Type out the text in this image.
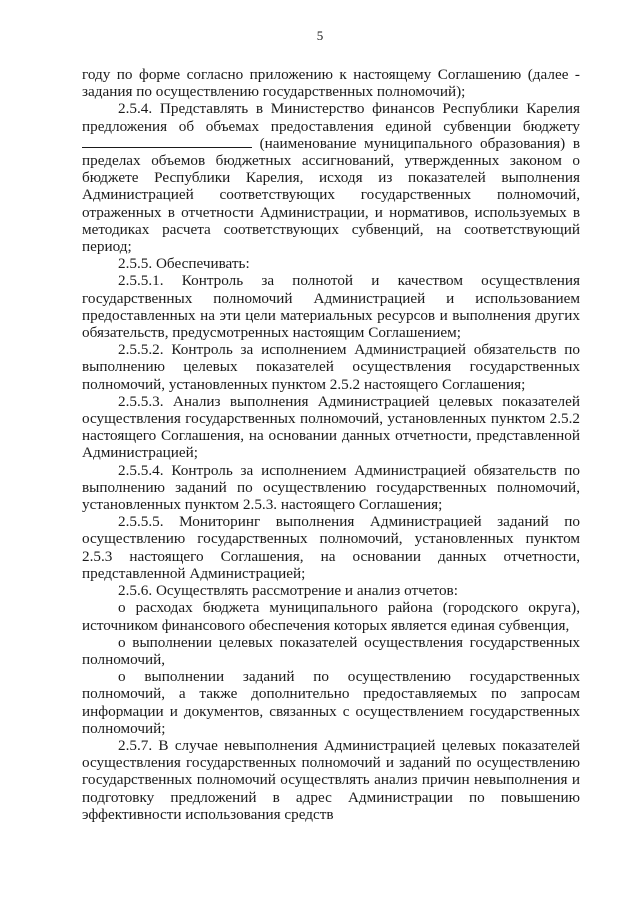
5

году по форме согласно приложению к настоящему Соглашению (далее - задания по осуществлению государственных полномочий);

2.5.4. Представлять в Министерство финансов Республики Карелия предложения об объемах предоставления единой субвенции бюджету  (наименование муниципального образования) в пределах объемов бюджетных ассигнований, утвержденных законом о бюджете Республики Карелия, исходя из показателей выполнения Администрацией соответствующих государственных полномочий, отраженных в отчетности Администрации, и нормативов, используемых в методиках расчета соответствующих субвенций, на соответствующий период;

2.5.5. Обеспечивать:

2.5.5.1. Контроль за полнотой и качеством осуществления государственных полномочий Администрацией и использованием предоставленных на эти цели материальных ресурсов и выполнения других обязательств, предусмотренных настоящим Соглашением;

2.5.5.2. Контроль за исполнением Администрацией обязательств по выполнению целевых показателей осуществления государственных полномочий, установленных пунктом 2.5.2 настоящего Соглашения;

2.5.5.3. Анализ выполнения Администрацией целевых показателей осуществления государственных полномочий, установленных пунктом 2.5.2 настоящего Соглашения, на основании данных отчетности, представленной Администрацией;

2.5.5.4. Контроль за исполнением Администрацией обязательств по выполнению заданий по осуществлению государственных полномочий, установленных пунктом 2.5.3. настоящего Соглашения;

2.5.5.5. Мониторинг выполнения Администрацией заданий по осуществлению государственных полномочий, установленных пунктом 2.5.3 настоящего Соглашения, на основании данных отчетности, представленной Администрацией;

2.5.6. Осуществлять рассмотрение и анализ отчетов:

о расходах бюджета муниципального района (городского округа), источником финансового обеспечения которых является единая субвенция,

о выполнении целевых показателей осуществления государственных полномочий,

о выполнении заданий по осуществлению государственных полномочий, а также дополнительно предоставляемых по запросам информации и документов, связанных с осуществлением государственных полномочий;

2.5.7. В случае невыполнения Администрацией целевых показателей осуществления государственных полномочий и заданий по осуществлению государственных полномочий осуществлять анализ причин невыполнения и подготовку предложений в адрес Администрации по повышению эффективности использования средств
